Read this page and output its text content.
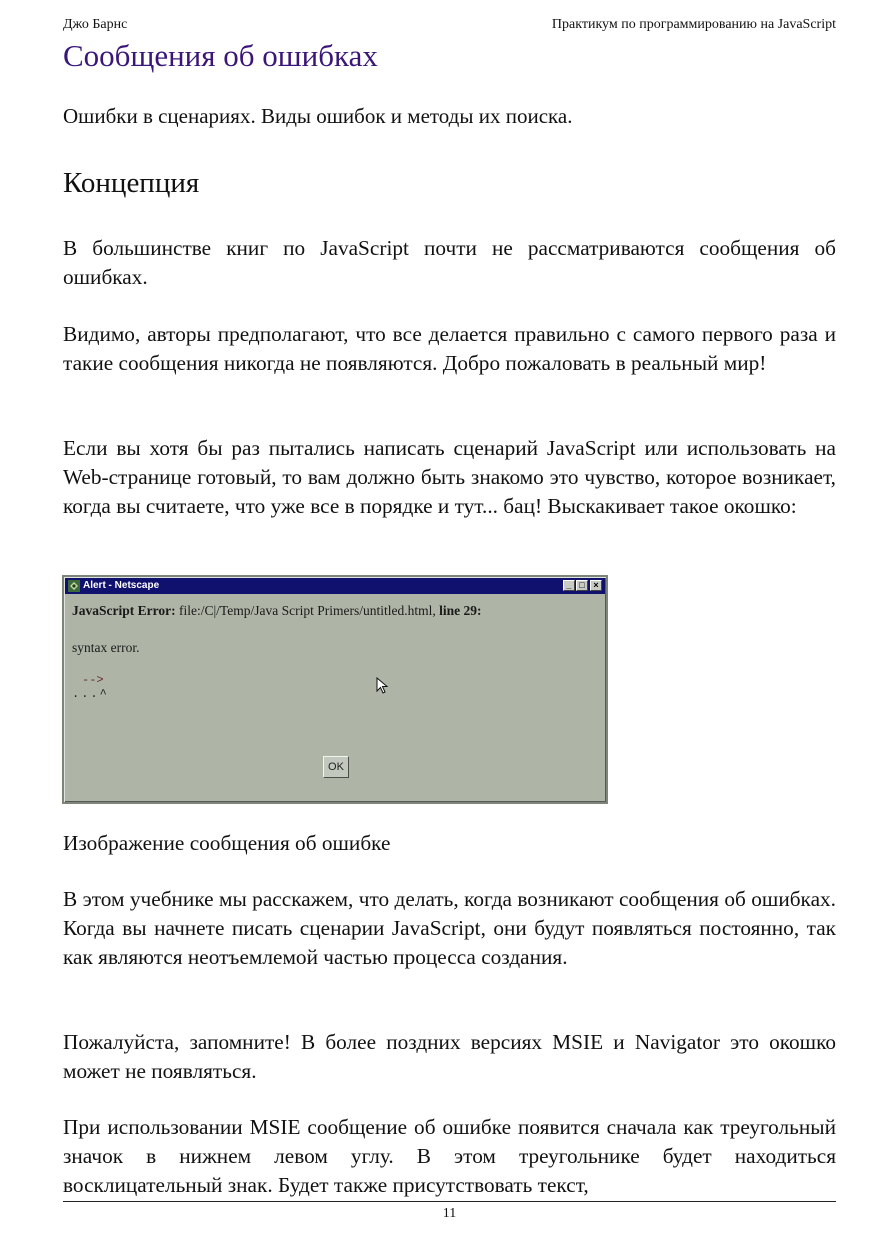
Джо Барнс	Практикум по программированию на JavaScript
Сообщения об ошибках

Ошибки в сценариях. Виды ошибок и методы их поиска.

Концепция

В большинстве книг по JavaScript почти не рассматриваются сообщения об ошибках.

Видимо, авторы предполагают, что все делается правильно с самого первого раза и такие сообщения никогда не появляются. Добро пожаловать в реальный мир!

Если вы хотя бы раз пытались написать сценарий JavaScript или использовать на Web-странице готовый, то вам должно быть знакомо это чувство, которое возникает, когда вы считаете, что уже все в порядке и тут... бац! Выскакивает такое окошко:

Alert - Netscape	_ □ ×
JavaScript Error: file:/C|/Temp/Java Script Primers/untitled.html, line 29:
syntax error.
-->
...^
OK

Изображение сообщения об ошибке

В этом учебнике мы расскажем, что делать, когда возникают сообщения об ошибках. Когда вы начнете писать сценарии JavaScript, они будут появляться постоянно, так как являются неотъемлемой частью процесса создания.

Пожалуйста, запомните! В более поздних версиях MSIE и Navigator это окошко может не появляться.

При использовании MSIE сообщение об ошибке появится сначала как треугольный значок в нижнем левом углу. В этом треугольнике будет находиться восклицательный знак. Будет также присутствовать текст,

11
